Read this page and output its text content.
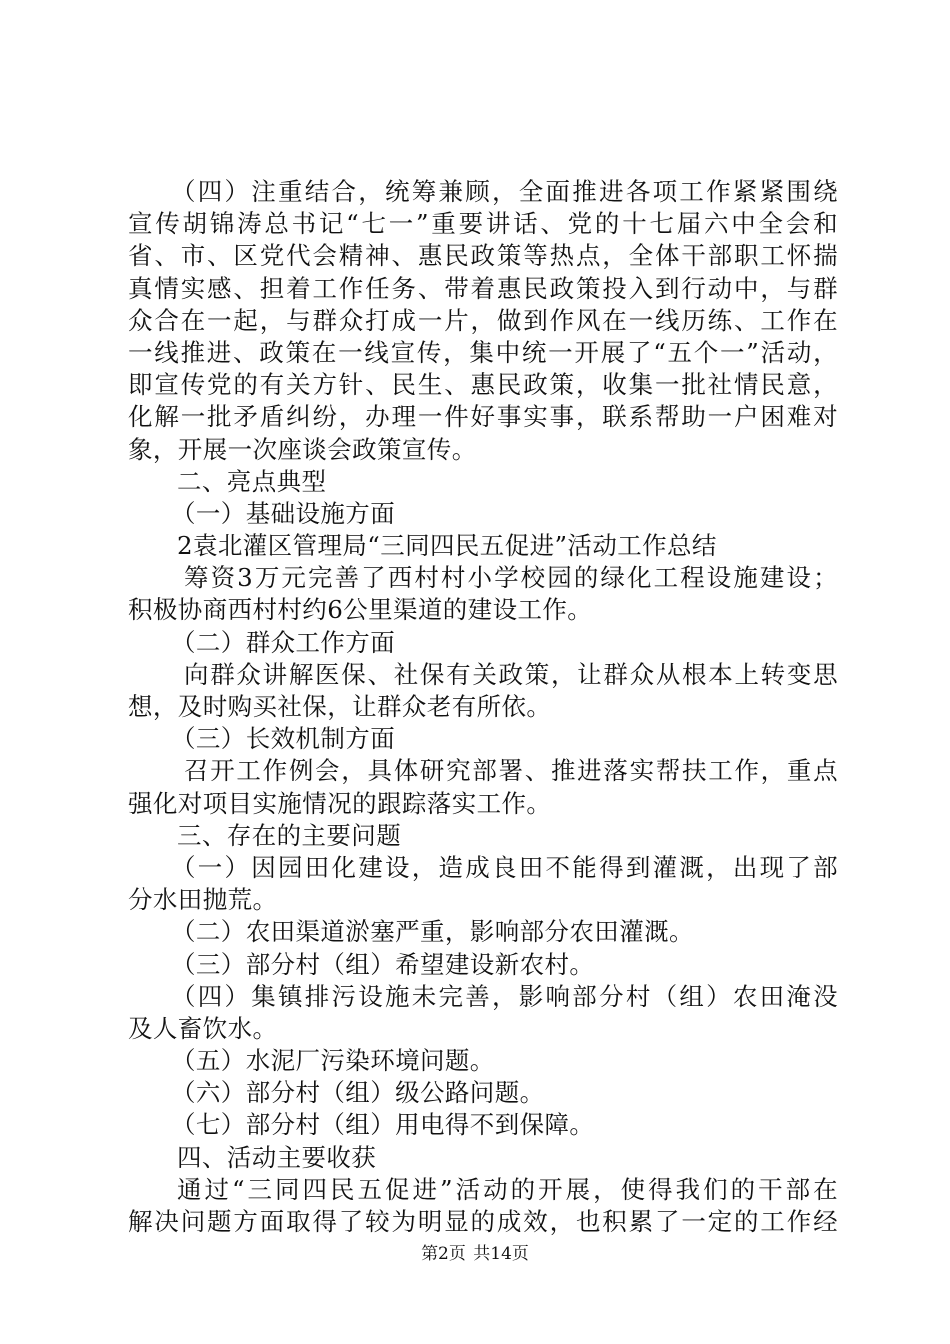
（四）注重结合，统筹兼顾，全面推进各项工作紧紧围绕
宣传胡锦涛总书记“七一”重要讲话、党的十七届六中全会和
省、市、区党代会精神、惠民政策等热点，全体干部职工怀揣
真情实感、担着工作任务、带着惠民政策投入到行动中，与群
众合在一起，与群众打成一片，做到作风在一线历练、工作在
一线推进、政策在一线宣传，集中统一开展了“五个一”活动，
即宣传党的有关方针、民生、惠民政策，收集一批社情民意，
化解一批矛盾纠纷，办理一件好事实事，联系帮助一户困难对
象，开展一次座谈会政策宣传。
二、亮点典型
（一）基础设施方面
2袁北灌区管理局“三同四民五促进”活动工作总结
筹资3万元完善了西村村小学校园的绿化工程设施建设；
积极协商西村村约6公里渠道的建设工作。
（二）群众工作方面
向群众讲解医保、社保有关政策，让群众从根本上转变思
想，及时购买社保，让群众老有所依。
（三）长效机制方面
召开工作例会，具体研究部署、推进落实帮扶工作，重点
强化对项目实施情况的跟踪落实工作。
三、存在的主要问题
（一）因园田化建设，造成良田不能得到灌溉，出现了部
分水田抛荒。
（二）农田渠道淤塞严重，影响部分农田灌溉。
（三）部分村（组）希望建设新农村。
（四）集镇排污设施未完善，影响部分村（组）农田淹没
及人畜饮水。
（五）水泥厂污染环境问题。
（六）部分村（组）级公路问题。
（七）部分村（组）用电得不到保障。
四、活动主要收获
通过“三同四民五促进”活动的开展，使得我们的干部在
解决问题方面取得了较为明显的成效，也积累了一定的工作经
第2页 共14页
